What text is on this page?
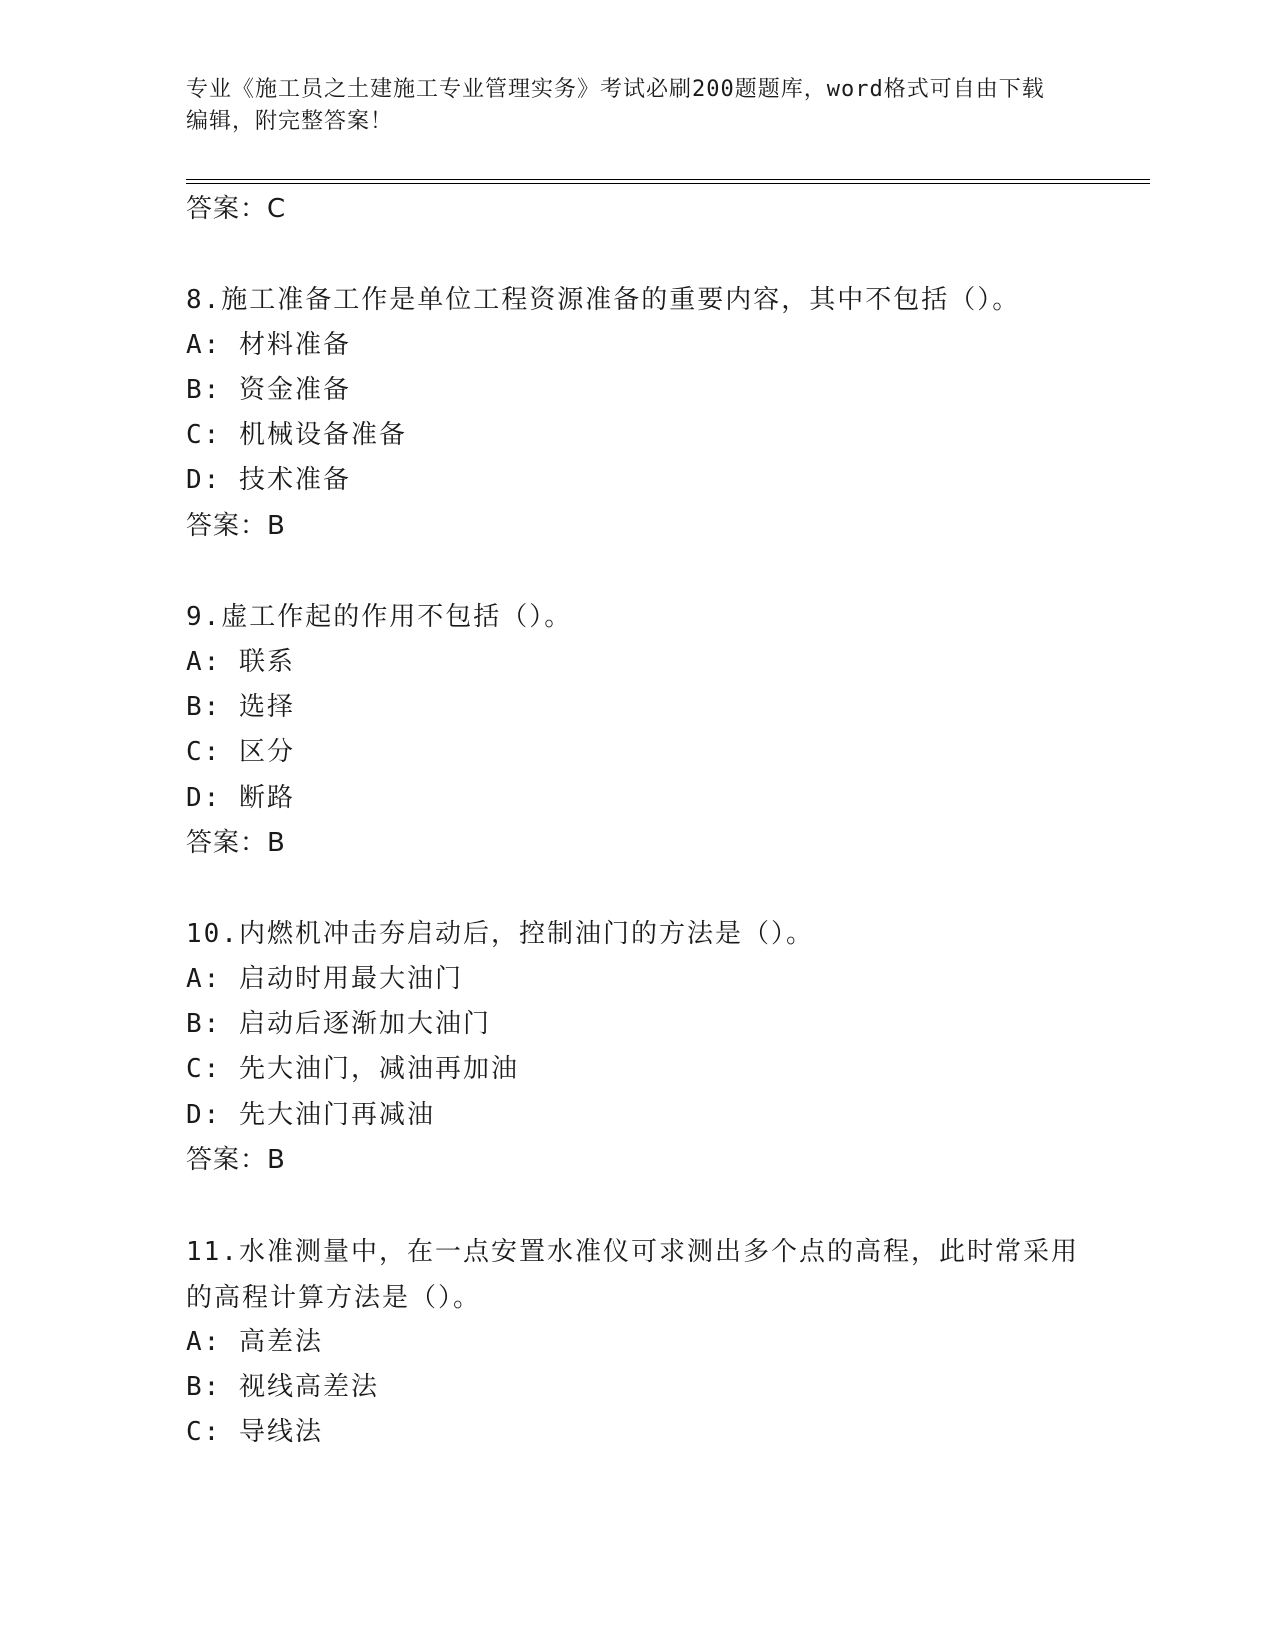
专业《施工员之土建施工专业管理实务》考试必刷200题题库，word格式可自由下载编辑，附完整答案！
答案：C
8.施工准备工作是单位工程资源准备的重要内容，其中不包括（）。
A: 材料准备
B: 资金准备
C: 机械设备准备
D: 技术准备
答案：B
9.虚工作起的作用不包括（）。
A: 联系
B: 选择
C: 区分
D: 断路
答案：B
10.内燃机冲击夯启动后，控制油门的方法是（）。
A: 启动时用最大油门
B: 启动后逐渐加大油门
C: 先大油门，减油再加油
D: 先大油门再减油
答案：B
11.水准测量中，在一点安置水准仪可求测出多个点的高程，此时常采用的高程计算方法是（）。
A: 高差法
B: 视线高差法
C: 导线法
